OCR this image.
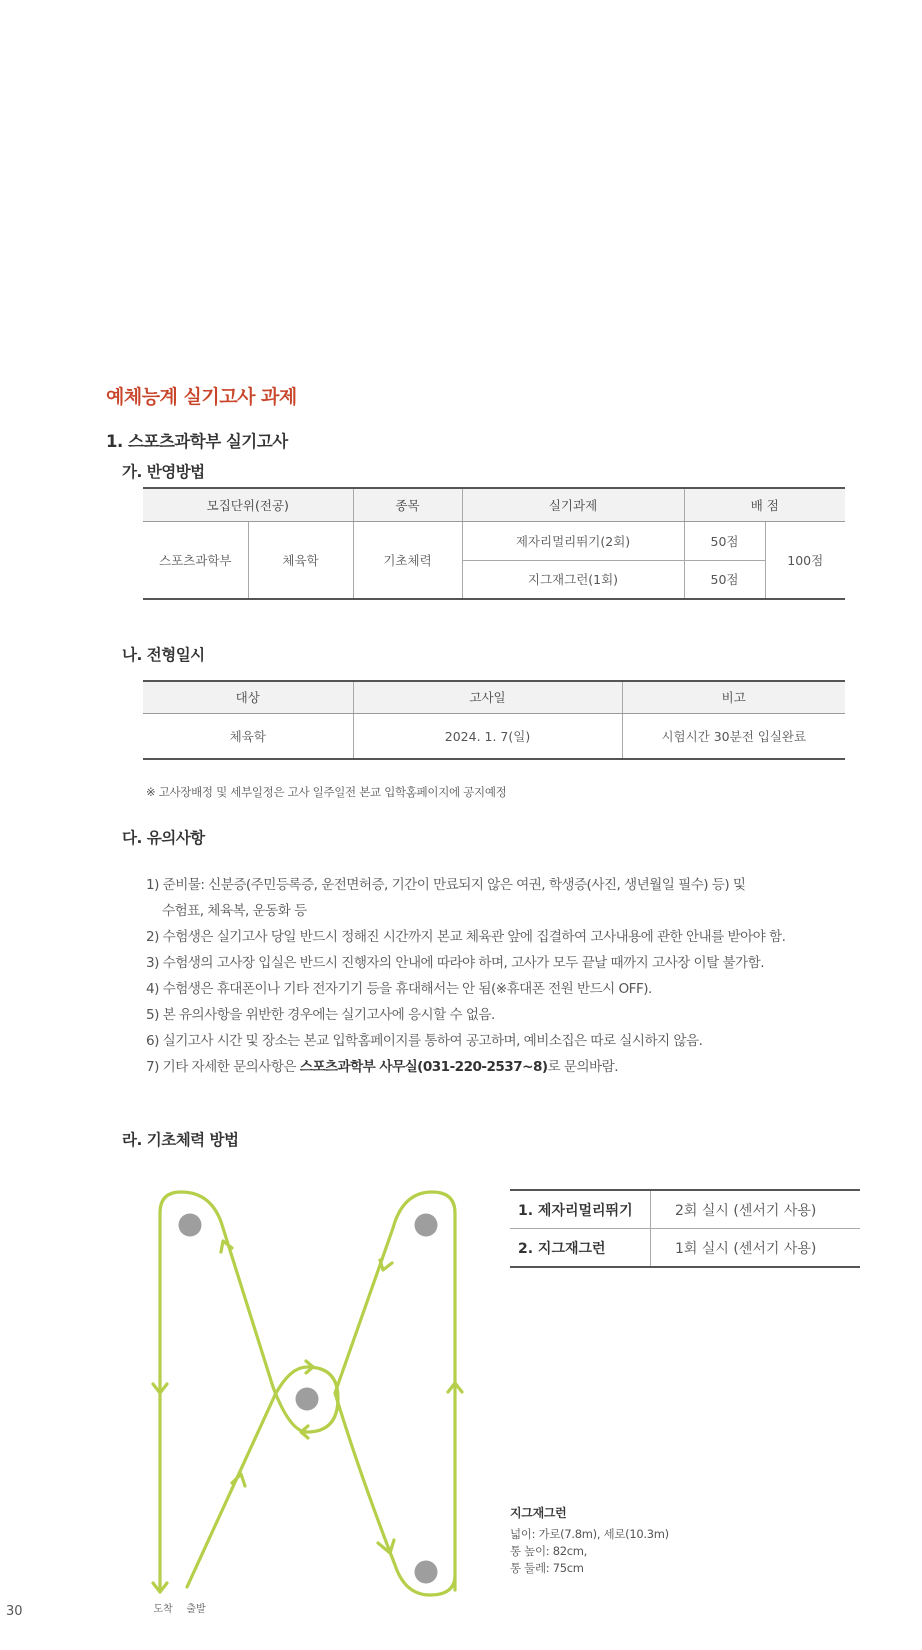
예체능계 실기고사 과제
1. 스포츠과학부 실기고사
가. 반영방법
모집단위(전공)		종목	실기과제	배 점	
스포츠과학부	체육학	기초체력	제자리멀리뛰기(2회)	50점	100점
			지그재그런(1회)	50점	
나. 전형일시
대상	고사일	비고
체육학	2024. 1. 7(일)	시험시간 30분전 입실완료
※ 고사장배정 및 세부일정은 고사 일주일전 본교 입학홈페이지에 공지예정
다. 유의사항
1) 준비물: 신분증(주민등록증, 운전면허증, 기간이 만료되지 않은 여권, 학생증(사진, 생년월일 필수) 등) 및
수험표, 체육복, 운동화 등
2) 수험생은 실기고사 당일 반드시 정해진 시간까지 본교 체육관 앞에 집결하여 고사내용에 관한 안내를 받아야 함.
3) 수험생의 고사장 입실은 반드시 진행자의 안내에 따라야 하며, 고사가 모두 끝날 때까지 고사장 이탈 불가함.
4) 수험생은 휴대폰이나 기타 전자기기 등을 휴대해서는 안 됨(※휴대폰 전원 반드시 OFF).
5) 본 유의사항을 위반한 경우에는 실기고사에 응시할 수 없음.
6) 실기고사 시간 및 장소는 본교 입학홈페이지를 통하여 공고하며, 예비소집은 따로 실시하지 않음.
7) 기타 자세한 문의사항은 스포츠과학부 사무실(031-220-2537~8)로 문의바람.
라. 기초체력 방법
도착 출발
1. 제자리멀리뛰기	2회 실시 (센서기 사용)
2. 지그재그런	1회 실시 (센서기 사용)
지그재그런
넓이: 가로(7.8m), 세로(10.3m)
통 높이: 82cm,
통 둘레: 75cm
30
